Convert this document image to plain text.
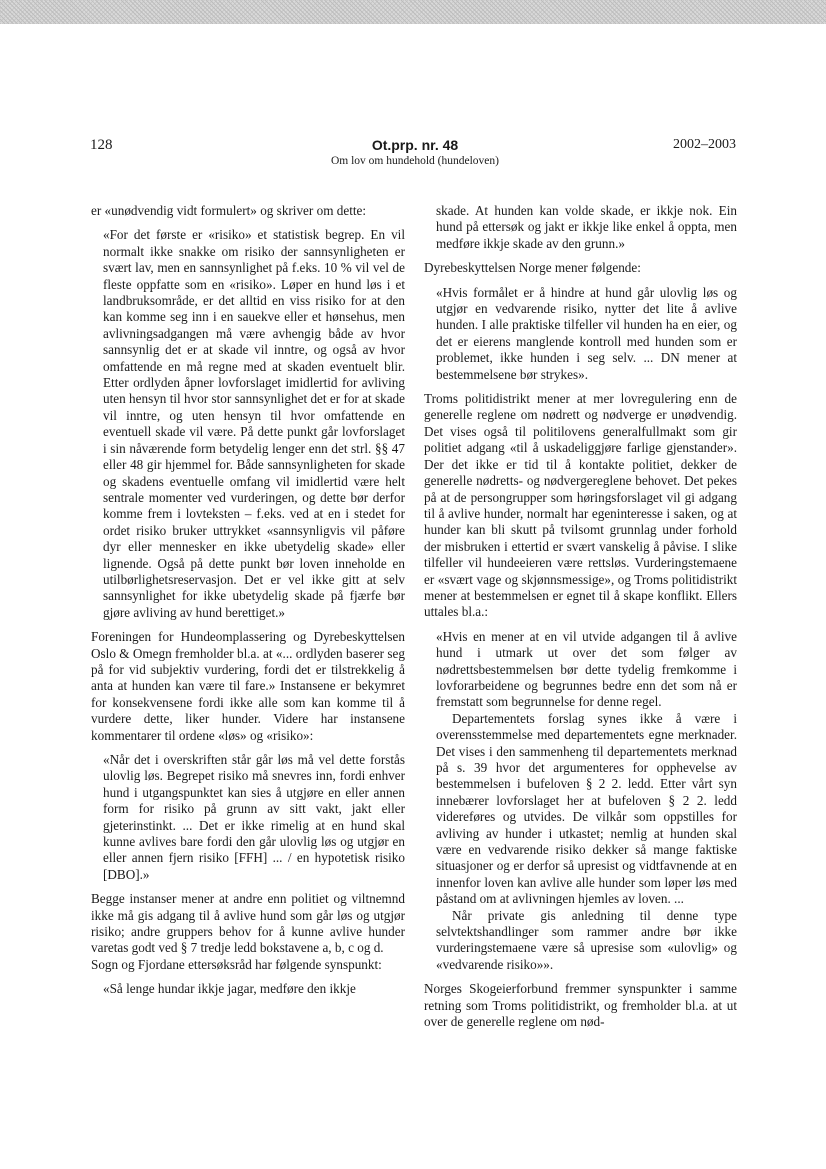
128	Ot.prp. nr. 48
Om lov om hundehold (hundeloven)
2002–2003

er «unødvendig vidt formulert» og skriver om dette:

«For det første er «risiko» et statistisk begrep. En vil normalt ikke snakke om risiko der sannsynligheten er svært lav, men en sannsynlighet på f.eks. 10 % vil vel de fleste oppfatte som en «risiko». Løper en hund løs i et landbruksområde, er det alltid en viss risiko for at den kan komme seg inn i en sauekve eller et hønsehus, men avlivningsadgangen må være avhengig både av hvor sannsynlig det er at skade vil inntre, og også av hvor omfattende en må regne med at skaden eventuelt blir. Etter ordlyden åpner lovforslaget imidlertid for avliving uten hensyn til hvor stor sannsynlighet det er for at skade vil inntre, og uten hensyn til hvor omfattende en eventuell skade vil være. På dette punkt går lovforslaget i sin nåværende form betydelig lenger enn det strl. §§ 47 eller 48 gir hjemmel for. Både sannsynligheten for skade og skadens eventuelle omfang vil imidlertid være helt sentrale momenter ved vurderingen, og dette bør derfor komme frem i lovteksten – f.eks. ved at en i stedet for ordet risiko bruker uttrykket «sannsynligvis vil påføre dyr eller mennesker en ikke ubetydelig skade» eller lignende. Også på dette punkt bør loven inneholde en utilbørlighetsreservasjon. Det er vel ikke gitt at selv sannsynlighet for ikke ubetydelig skade på fjærfe bør gjøre avliving av hund berettiget.»

Foreningen for Hundeomplassering og Dyrebeskyttelsen Oslo & Omegn fremholder bl.a. at «... ordlyden baserer seg på for vid subjektiv vurdering, fordi det er tilstrekkelig å anta at hunden kan være til fare.» Instansene er bekymret for konsekvensene fordi ikke alle som kan komme til å vurdere dette, liker hunder. Videre har instansene kommentarer til ordene «løs» og «risiko»:

«Når det i overskriften står går løs må vel dette forstås ulovlig løs. Begrepet risiko må snevres inn, fordi enhver hund i utgangspunktet kan sies å utgjøre en eller annen form for risiko på grunn av sitt vakt, jakt eller gjeterinstinkt. ... Det er ikke rimelig at en hund skal kunne avlives bare fordi den går ulovlig løs og utgjør en eller annen fjern risiko [FFH] ... / en hypotetisk risiko [DBO].»

Begge instanser mener at andre enn politiet og viltnemnd ikke må gis adgang til å avlive hund som går løs og utgjør risiko; andre gruppers behov for å kunne avlive hunder varetas godt ved § 7 tredje ledd bokstavene a, b, c og d.

Sogn og Fjordane ettersøksråd har følgende synspunkt:

«Så lenge hundar ikkje jagar, medføre den ikkje

skade. At hunden kan volde skade, er ikkje nok. Ein hund på ettersøk og jakt er ikkje like enkel å oppta, men medføre ikkje skade av den grunn.»

Dyrebeskyttelsen Norge mener følgende:

«Hvis formålet er å hindre at hund går ulovlig løs og utgjør en vedvarende risiko, nytter det lite å avlive hunden. I alle praktiske tilfeller vil hunden ha en eier, og det er eierens manglende kontroll med hunden som er problemet, ikke hunden i seg selv. ... DN mener at bestemmelsene bør strykes».

Troms politidistrikt mener at mer lovregulering enn de generelle reglene om nødrett og nødverge er unødvendig. Det vises også til politilovens generalfullmakt som gir politiet adgang «til å uskadeliggjøre farlige gjenstander». Der det ikke er tid til å kontakte politiet, dekker de generelle nødretts- og nødvergereglene behovet. Det pekes på at de persongrupper som høringsforslaget vil gi adgang til å avlive hunder, normalt har egeninteresse i saken, og at hunder kan bli skutt på tvilsomt grunnlag under forhold der misbruken i ettertid er svært vanskelig å påvise. I slike tilfeller vil hundeeieren være rettsløs. Vurderingstemaene er «svært vage og skjønnsmessige», og Troms politidistrikt mener at bestemmelsen er egnet til å skape konflikt. Ellers uttales bl.a.:

«Hvis en mener at en vil utvide adgangen til å avlive hund i utmark ut over det som følger av nødrettsbestemmelsen bør dette tydelig fremkomme i lovforarbeidene og begrunnes bedre enn det som nå er fremstatt som begrunnelse for denne regel.

Departementets forslag synes ikke å være i overensstemmelse med departementets egne merknader. Det vises i den sammenheng til departementets merknad på s. 39 hvor det argumenteres for opphevelse av bestemmelsen i bufeloven § 2 2. ledd. Etter vårt syn innebærer lovforslaget her at bufeloven § 2 2. ledd videreføres og utvides. De vilkår som oppstilles for avliving av hunder i utkastet; nemlig at hunden skal være en vedvarende risiko dekker så mange faktiske situasjoner og er derfor så upresist og vidtfavnende at en innenfor loven kan avlive alle hunder som løper løs med påstand om at avlivningen hjemles av loven. ...

Når private gis anledning til denne type selvtektshandlinger som rammer andre bør ikke vurderingstemaene være så upresise som «ulovlig» og «vedvarende risiko»».

Norges Skogeierforbund fremmer synspunkter i samme retning som Troms politidistrikt, og fremholder bl.a. at ut over de generelle reglene om nød-
